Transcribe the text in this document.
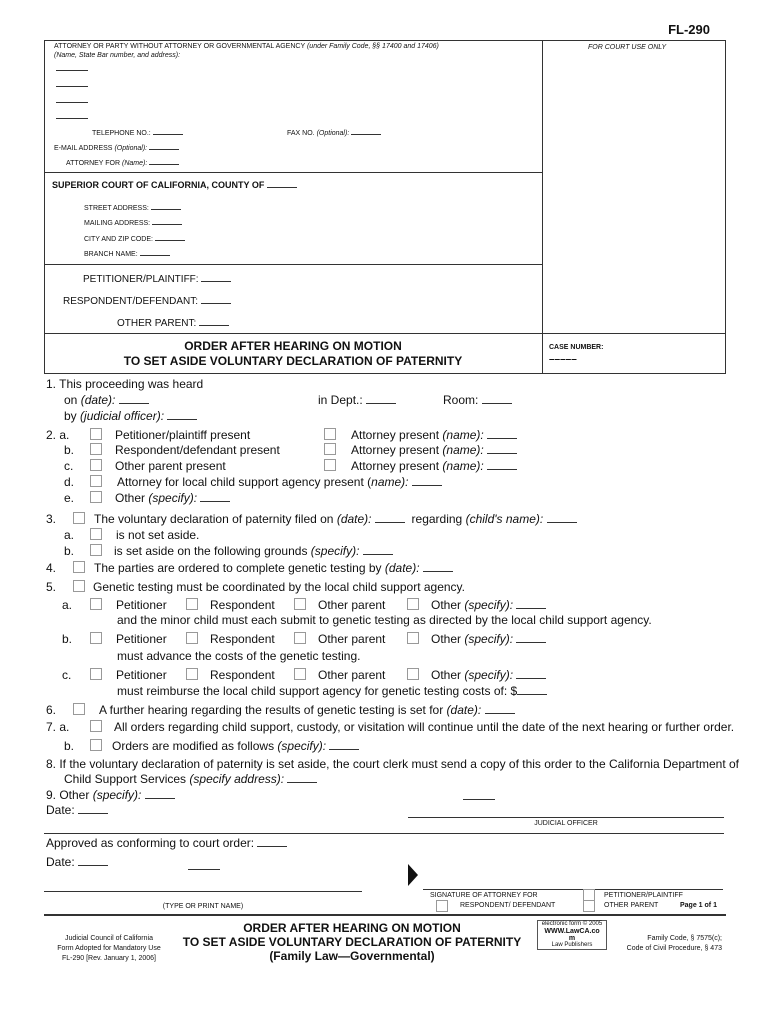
FL-290
ATTORNEY OR PARTY WITHOUT ATTORNEY OR GOVERNMENTAL AGENCY (under Family Code, §§ 17400 and 17406)
(Name, State Bar number, and address):
FOR COURT USE ONLY
TELEPHONE NO.:	FAX NO. (Optional):
E-MAIL ADDRESS (Optional):
ATTORNEY FOR (Name):
SUPERIOR COURT OF CALIFORNIA, COUNTY OF
STREET ADDRESS:
MAILING ADDRESS:
CITY AND ZIP CODE:
BRANCH NAME:
PETITIONER/PLAINTIFF:
RESPONDENT/DEFENDANT:
OTHER PARENT:
ORDER AFTER HEARING ON MOTION
TO SET ASIDE VOLUNTARY DECLARATION OF PATERNITY
CASE NUMBER:
–––––
1. This proceeding was heard
on (date):	in Dept.:	Room:
by (judicial officer):
2. a.	Petitioner/plaintiff present	Attorney present (name):
b.	Respondent/defendant present	Attorney present (name):
c.	Other parent present	Attorney present (name):
d.	Attorney for local child support agency present (name):
e.	Other (specify):
3.	The voluntary declaration of paternity filed on (date):	regarding (child's name):
a.	is not set aside.
b.	is set aside on the following grounds (specify):
4.	The parties are ordered to complete genetic testing by (date):
5.	Genetic testing must be coordinated by the local child support agency.
a.	Petitioner	Respondent	Other parent	Other (specify):
and the minor child must each submit to genetic testing as directed by the local child support agency.
b.	Petitioner	Respondent	Other parent	Other (specify):
must advance the costs of the genetic testing.
c.	Petitioner	Respondent	Other parent	Other (specify):
must reimburse the local child support agency for genetic testing costs of: $
6.	A further hearing regarding the results of genetic testing is set for (date):
7. a.	All orders regarding child support, custody, or visitation will continue until the date of the next hearing or further order.
b.	Orders are modified as follows (specify):
8. If the voluntary declaration of paternity is set aside, the court clerk must send a copy of this order to the California Department of
Child Support Services (specify address):
9. Other (specify):
Date:
JUDICIAL OFFICER
Approved as conforming to court order:
Date:
(TYPE OR PRINT NAME)
SIGNATURE OF ATTORNEY FOR
RESPONDENT/ DEFENDANT
PETITIONER/PLAINTIFF
OTHER PARENT	Page 1 of 1
Judicial Council of California
Form Adopted for Mandatory Use
FL-290 [Rev. January 1, 2006]
ORDER AFTER HEARING ON MOTION
TO SET ASIDE VOLUNTARY DECLARATION OF PATERNITY
(Family Law—Governmental)
electronic form © 2005
WWW.LawCA.co
m
Law Publishers
Family Code, § 7575(c);
Code of Civil Procedure, § 473
